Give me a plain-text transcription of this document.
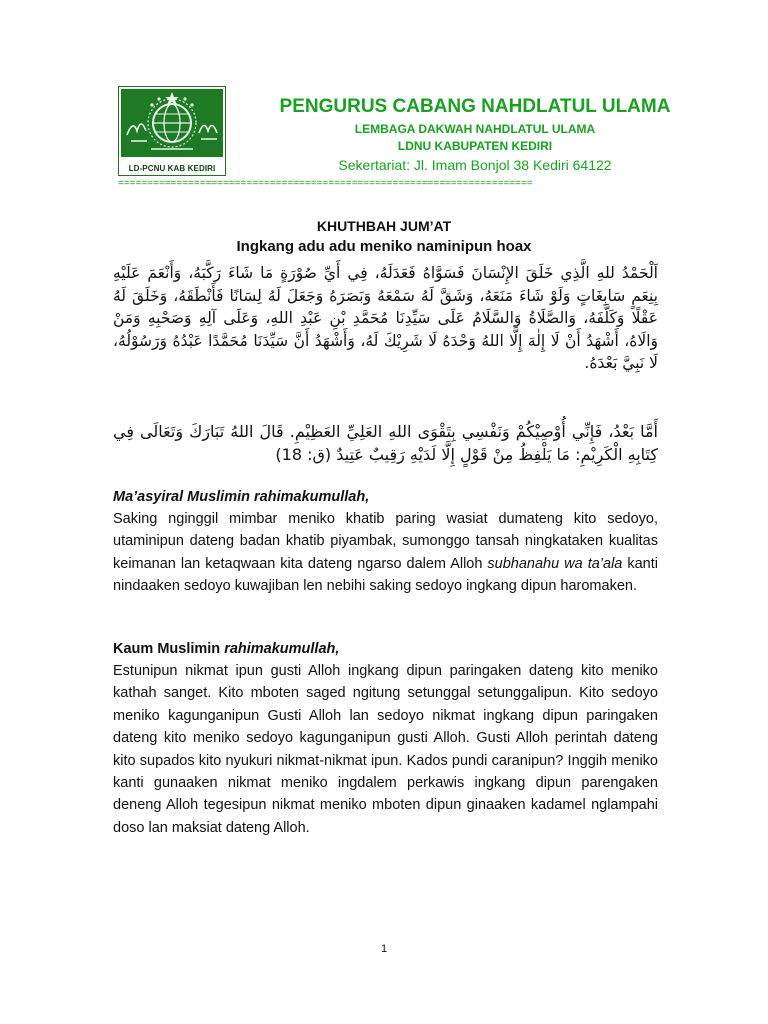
LD-PCNU KAB KEDIRI
PENGURUS CABANG NAHDLATUL ULAMA
LEMBAGA DAKWAH NAHDLATUL ULAMA
LDNU KABUPATEN KEDIRI
Sekertariat: Jl. Imam Bonjol 38 Kediri 64122
=======================================================================
KHUTHBAH JUM’AT
Ingkang adu adu meniko naminipun hoax
اَلْحَمْدُ للهِ الَّذِي خَلَقَ الإِنْسَانَ فَسَوَّاهُ فَعَدَلَهُ، فِي أَيِّ صُوْرَةٍ مَا شَاءَ رَكَّبَهُ، وَأَنْعَمَ عَلَيْهِ بِنِعَمٍ سَابِغَاتٍ وَلَوْ شَاءَ مَنَعَهُ، وَشَقَّ لَهُ سَمْعَهُ وَبَصَرَهُ وَجَعَلَ لَهُ لِسَانًا فَأَنْطَقَهُ، وَخَلَقَ لَهُ عَقْلًا وَكَلَّفَهُ، وَالصَّلَاةُ وَالسَّلَامُ عَلَى سَيِّدِنَا مُحَمَّدِ بْنِ عَبْدِ اللهِ، وَعَلَى آلِهِ وَصَحْبِهِ وَمَنْ وَالَاهُ، أَشْهَدُ أَنْ لَا إِلٰهَ إِلَّا اللهُ وَحْدَهُ لَا شَرِيْكَ لَهُ، وَأَشْهَدُ أَنَّ سَيِّدَنَا مُحَمَّدًا عَبْدُهُ وَرَسُوْلُهُ، لَا نَبِيَّ بَعْدَهُ.
أَمَّا بَعْدُ، فَإِنِّي أُوْصِيْكُمْ وَنَفْسِي بِتَقْوَى اللهِ العَلِيِّ العَظِيْمِ. قَالَ اللهُ تَبَارَكَ وَتَعَالَى فِي كِتَابِهِ الْكَرِيْمِ: مَا يَلْفِظُ مِنْ قَوْلٍ إِلَّا لَدَيْهِ رَقِيبٌ عَتِيدٌ (ق: 18)
Ma’asyiral Muslimin rahimakumullah,

Saking nginggil mimbar meniko khatib paring wasiat dumateng kito sedoyo, utaminipun dateng badan khatib piyambak, sumonggo tansah ningkataken kualitas keimanan lan ketaqwaan kita dateng ngarso dalem Alloh subhanahu wa ta’ala kanti nindaaken sedoyo kuwajiban len nebihi saking sedoyo ingkang dipun haromaken.

Kaum Muslimin rahimakumullah,

Estunipun nikmat ipun gusti Alloh ingkang dipun paringaken dateng kito meniko kathah sanget. Kito mboten saged ngitung setunggal setunggalipun. Kito sedoyo meniko kagunganipun Gusti Alloh lan sedoyo nikmat ingkang dipun paringaken dateng kito meniko sedoyo kagunganipun gusti Alloh. Gusti Alloh perintah dateng kito supados kito nyukuri nikmat-nikmat ipun. Kados pundi caranipun? Inggih meniko kanti gunaaken nikmat meniko ingdalem perkawis ingkang dipun parengaken deneng Alloh tegesipun nikmat meniko mboten dipun ginaaken kadamel nglampahi doso lan maksiat dateng Alloh.

1
